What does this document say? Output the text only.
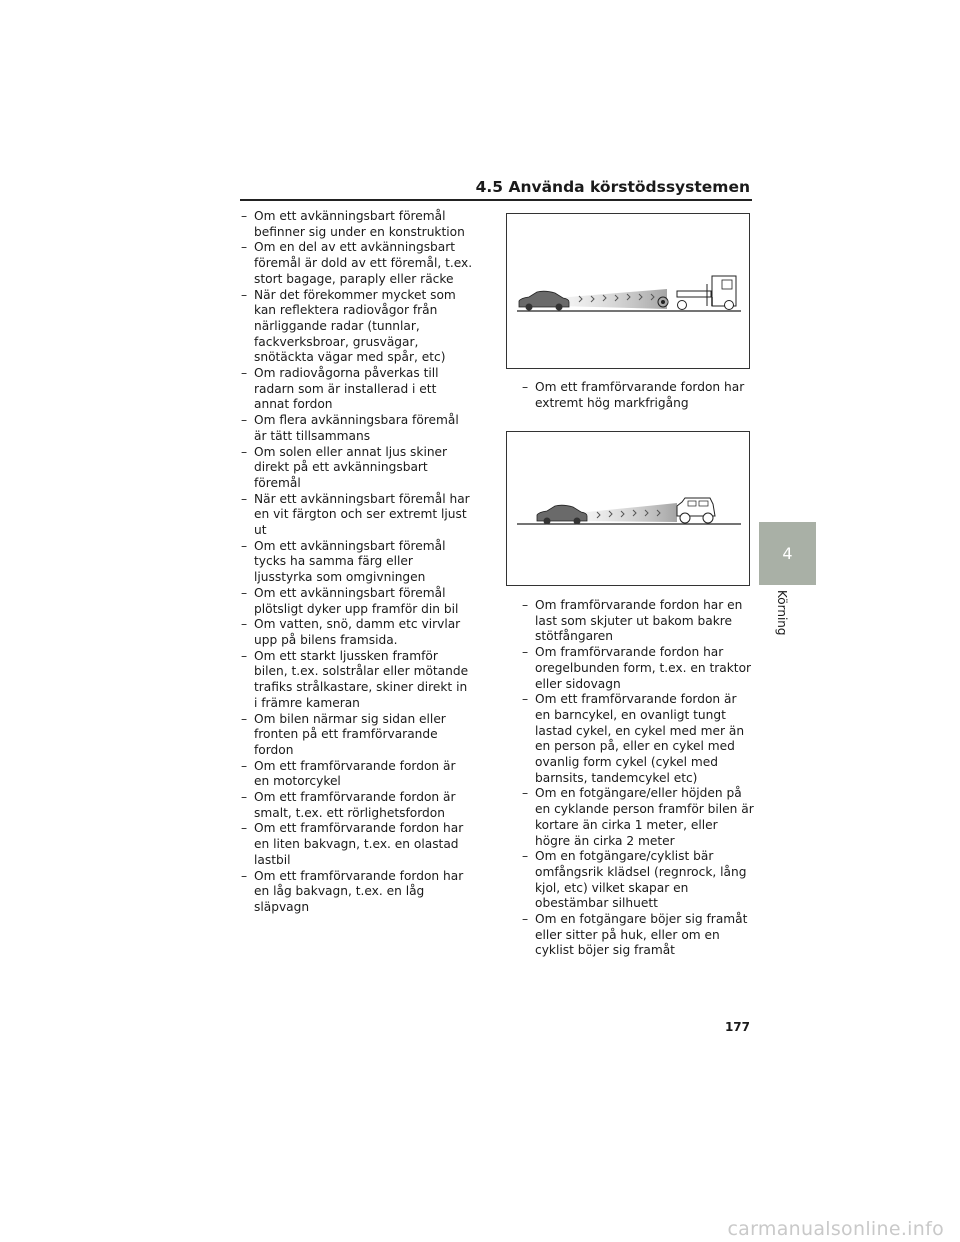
4.5 Använda körstödssystemen
– Om ett avkänningsbart föremål befinner sig under en konstruktion
– Om en del av ett avkänningsbart föremål är dold av ett föremål, t.ex. stort bagage, paraply eller räcke
– När det förekommer mycket som kan reflektera radiovågor från närliggande radar (tunnlar, fackverksbroar, grusvägar, snötäckta vägar med spår, etc)
– Om radiovågorna påverkas till radarn som är installerad i ett annat fordon
– Om flera avkänningsbara föremål är tätt tillsammans
– Om solen eller annat ljus skiner direkt på ett avkänningsbart föremål
– När ett avkänningsbart föremål har en vit färgton och ser extremt ljust ut
– Om ett avkänningsbart föremål tycks ha samma färg eller ljusstyrka som omgivningen
– Om ett avkänningsbart föremål plötsligt dyker upp framför din bil
– Om vatten, snö, damm etc virvlar upp på bilens framsida.
– Om ett starkt ljussken framför bilen, t.ex. solstrålar eller mötande trafiks strålkastare, skiner direkt in i främre kameran
– Om bilen närmar sig sidan eller fronten på ett framförvarande fordon
– Om ett framförvarande fordon är en motorcykel
– Om ett framförvarande fordon är smalt, t.ex. ett rörlighetsfordon
– Om ett framförvarande fordon har en liten bakvagn, t.ex. en olastad lastbil
– Om ett framförvarande fordon har en låg bakvagn, t.ex. en låg släpvagn
– Om ett framförvarande fordon har extremt hög markfrigång
– Om framförvarande fordon har en last som skjuter ut bakom bakre stötfångaren
– Om framförvarande fordon har oregelbunden form, t.ex. en traktor eller sidovagn
– Om ett framförvarande fordon är en barncykel, en ovanligt tungt lastad cykel, en cykel med mer än en person på, eller en cykel med ovanlig form cykel (cykel med barnsits, tandemcykel etc)
– Om en fotgängare/eller höjden på en cyklande person framför bilen är kortare än cirka 1 meter, eller högre än cirka 2 meter
– Om en fotgängare/cyklist bär omfångsrik klädsel (regnrock, lång kjol, etc) vilket skapar en obestämbar silhuett
– Om en fotgängare böjer sig framåt eller sitter på huk, eller om en cyklist böjer sig framåt
4
Körning
177
carmanualsonline.info
